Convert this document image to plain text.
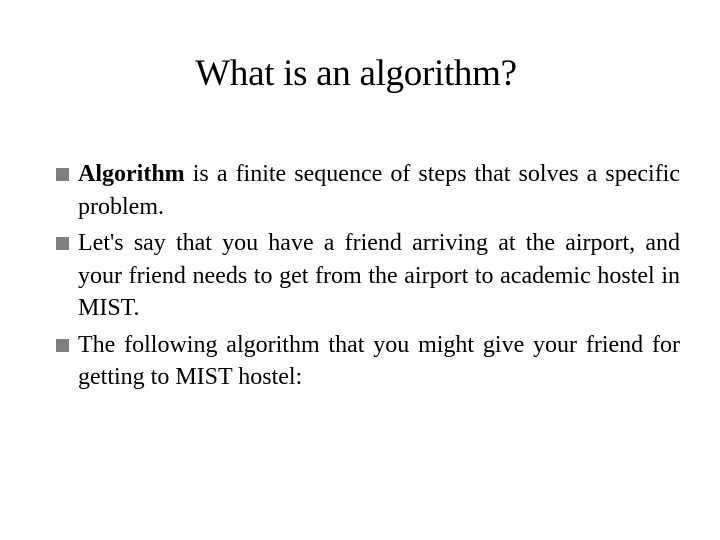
What is an algorithm?
Algorithm is a finite sequence of steps that solves a specific problem.
Let's say that you have a friend arriving at the airport, and your friend needs to get from the airport to academic hostel in MIST.
The following algorithm that you might give your friend for getting to MIST hostel:
